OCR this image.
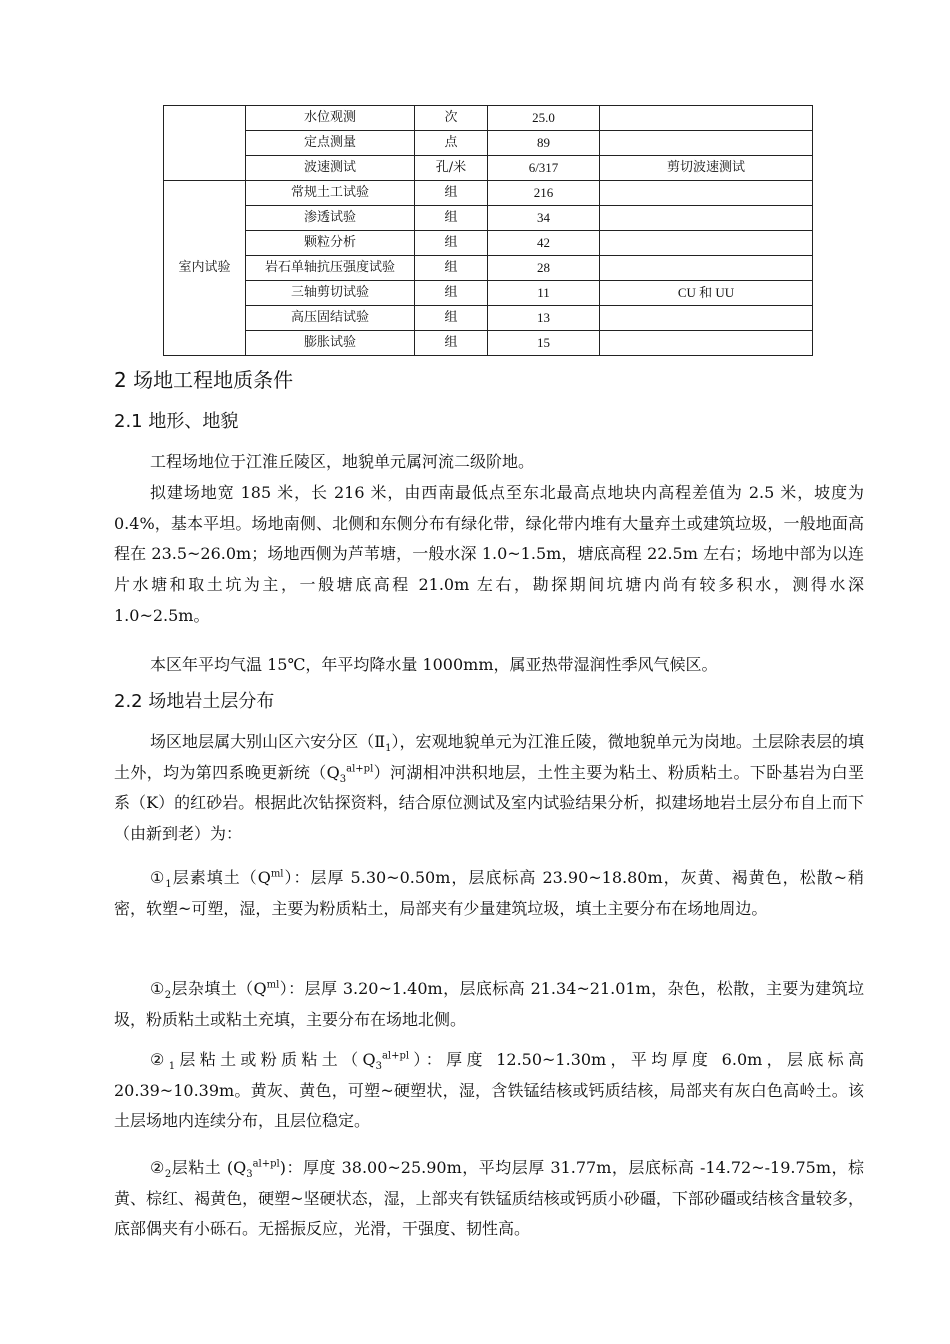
	水位观测	次	25.0	
	定点测量	点	89	
	波速测试	孔/米	6/317	剪切波速测试
室内试验	常规土工试验	组	216	
	渗透试验	组	34	
	颗粒分析	组	42	
	岩石单轴抗压强度试验	组	28	
	三轴剪切试验	组	11	CU 和 UU
	高压固结试验	组	13	
	膨胀试验	组	15	
2 场地工程地质条件
2.1 地形、地貌
工程场地位于江淮丘陵区，地貌单元属河流二级阶地。
拟建场地宽 185 米，长 216 米，由西南最低点至东北最高点地块内高程差值为 2.5 米，坡度为 0.4%，基本平坦。场地南侧、北侧和东侧分布有绿化带，绿化带内堆有大量弃土或建筑垃圾，一般地面高程在 23.5~26.0m；场地西侧为芦苇塘，一般水深 1.0~1.5m，塘底高程 22.5m 左右；场地中部为以连片水塘和取土坑为主，一般塘底高程 21.0m 左右，勘探期间坑塘内尚有较多积水，测得水深 1.0~2.5m。
本区年平均气温 15℃，年平均降水量 1000mm，属亚热带湿润性季风气候区。
2.2 场地岩土层分布
场区地层属大别山区六安分区$(Ⅱ_1)$，宏观地貌单元为江淮丘陵，微地貌单元为岗地。土层除表层的填土外，均为第四系晚更新统$(Q_3^{al+pl})$河湖相冲洪积地层，土性主要为粘土、粉质粘土。下卧基岩为白垩系（K）的红砂岩。根据此次钻探资料，结合原位测试及室内试验结果分析，拟建场地岩土层分布自上而下（由新到老）为：
$①_1$层素填土$(Q^{ml})$：层厚 5.30~0.50m，层底标高 23.90~18.80m，灰黄、褐黄色，松散~稍密，软塑~可塑，湿，主要为粉质粘土，局部夹有少量建筑垃圾，填土主要分布在场地周边。
$①_2$层杂填土$(Q^{ml})$：层厚 3.20~1.40m，层底标高 21.34~21.01m，杂色，松散，主要为建筑垃圾，粉质粘土或粘土充填，主要分布在场地北侧。
$②_1$层粘土或粉质粘土$(Q_3^{al+pl})$：厚度 12.50~1.30m，平均厚度 6.0m，层底标高 20.39~10.39m。黄灰、黄色，可塑~硬塑状，湿，含铁锰结核或钙质结核，局部夹有灰白色高岭土。该土层场地内连续分布，且层位稳定。
$②_2$层粘土 $(Q_3^{al+pl})$：厚度 38.00~25.90m，平均层厚 31.77m，层底标高 -14.72~-19.75m，棕黄、棕红、褐黄色，硬塑~坚硬状态，湿，上部夹有铁锰质结核或钙质小砂礓，下部砂礓或结核含量较多，底部偶夹有小砾石。无摇振反应，光滑，干强度、韧性高。
